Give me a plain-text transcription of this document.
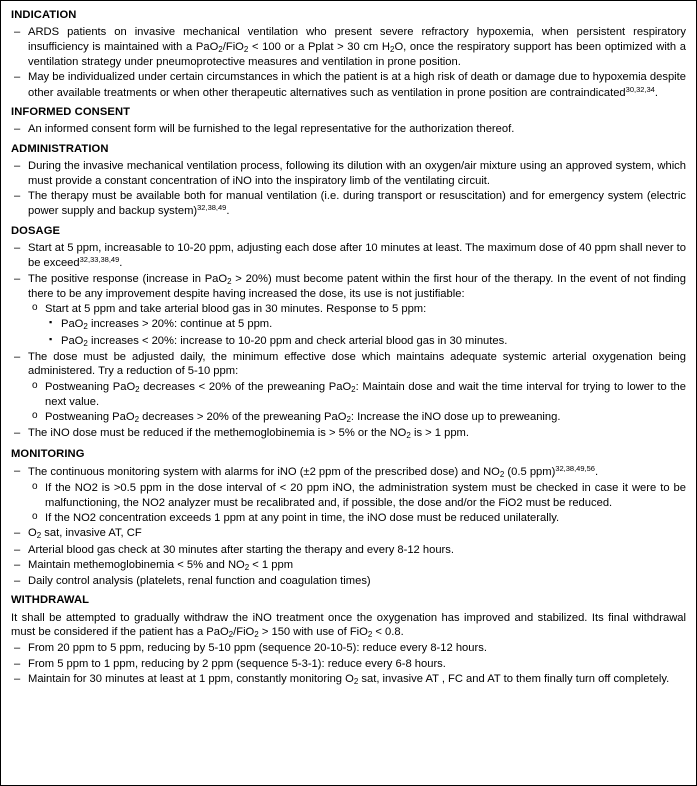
INDICATION
– ARDS patients on invasive mechanical ventilation who present severe refractory hypoxemia, when persistent respiratory insufficiency is maintained with a PaO$_2$/FiO$_2$ < 100 or a Pplat > 30 cm $H_2O$, once the respiratory support has been optimized with a ventilation strategy under pneumoprotective measures and ventilation in prone position.
– May be individualized under certain circumstances in which the patient is at a high risk of death or damage due to hypoxemia despite other available treatments or when other therapeutic alternatives such as ventilation in prone position are contraindicated$^{30,32,34}$.
INFORMED CONSENT
– An informed consent form will be furnished to the legal representative for the authorization thereof.
ADMINISTRATION
– During the invasive mechanical ventilation process, following its dilution with an oxygen/air mixture using an approved system, which must provide a constant concentration of iNO into the inspiratory limb of the ventilating circuit.
– The therapy must be available both for manual ventilation (i.e. during transport or resuscitation) and for emergency system (electric power supply and backup system)$^{32,38,49}$.
DOSAGE
– Start at 5 ppm, increasable to 10-20 ppm, adjusting each dose after 10 minutes at least. The maximum dose of 40 ppm shall never to be exceed$^{32,33,38,49}$.
– The positive response (increase in PaO$_2$ > 20%) must become patent within the first hour of the therapy. In the event of not finding there to be any improvement despite having increased the dose, its use is not justifiable:
o Start at 5 ppm and take arterial blood gas in 30 minutes. Response to 5 ppm:
▪ PaO$_2$ increases > 20%: continue at 5 ppm.
▪ PaO$_2$ increases < 20%: increase to 10-20 ppm and check arterial blood gas in 30 minutes.
– The dose must be adjusted daily, the minimum effective dose which maintains adequate systemic arterial oxygenation being administered. Try a reduction of 5-10 ppm:
o Postweaning PaO$_2$ decreases < 20% of the preweaning PaO$_2$: Maintain dose and wait the time interval for trying to lower to the next value.
o Postweaning PaO$_2$ decreases > 20% of the preweaning PaO$_2$: Increase the iNO dose up to preweaning.
– The iNO dose must be reduced if the methemoglobinemia is > 5% or the $NO_2$ is > 1 ppm.
MONITORING
– The continuous monitoring system with alarms for iNO (±2 ppm of the prescribed dose) and $NO_2$ (0.5 ppm)$^{32,38,49,56}$.
o If the NO2 is >0.5 ppm in the dose interval of < 20 ppm iNO, the administration system must be checked in case it were to be malfunctioning, the NO2 analyzer must be recalibrated and, if possible, the dose and/or the FiO2 must be reduced.
o If the NO2 concentration exceeds 1 ppm at any point in time, the iNO dose must be reduced unilaterally.
– $O_2$ sat, invasive AT, CF
– Arterial blood gas check at 30 minutes after starting the therapy and every 8-12 hours.
– Maintain methemoglobinemia < 5% and $NO_2 < 1$ ppm
– Daily control analysis (platelets, renal function and coagulation times)
WITHDRAWAL
It shall be attempted to gradually withdraw the iNO treatment once the oxygenation has improved and stabilized. Its final withdrawal must be considered if the patient has a PaO$_2$/FiO$_2$ > 150 with use of FiO$_2$ < 0.8.
– From 20 ppm to 5 ppm, reducing by 5-10 ppm (sequence 20-10-5): reduce every 8-12 hours.
– From 5 ppm to 1 ppm, reducing by 2 ppm (sequence 5-3-1): reduce every 6-8 hours.
– Maintain for 30 minutes at least at 1 ppm, constantly monitoring $O_2$ sat, invasive AT , FC and AT to them finally turn off completely.
